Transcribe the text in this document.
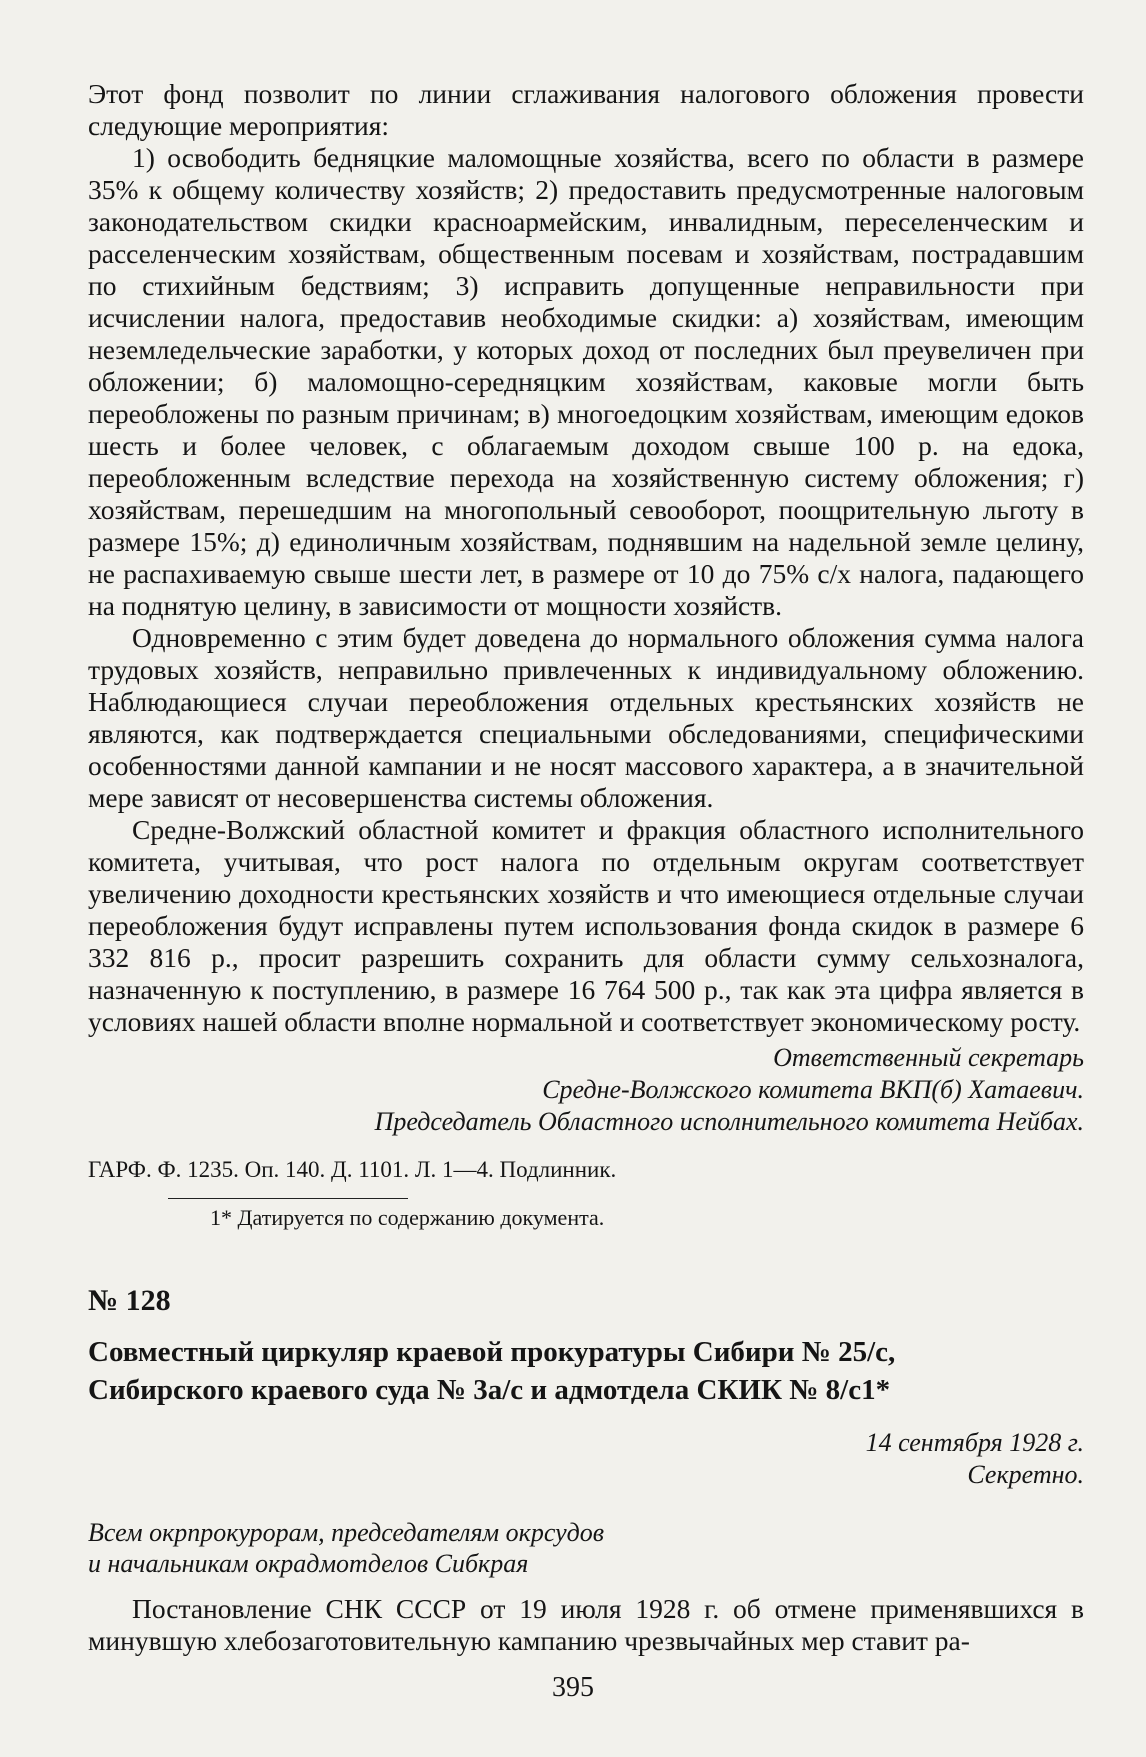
Этот фонд позволит по линии сглаживания налогового обложения провести следующие мероприятия:

1) освободить бедняцкие маломощные хозяйства, всего по области в размере 35% к общему количеству хозяйств; 2) предоставить предусмотренные налоговым законодательством скидки красноармейским, инвалидным, переселенческим и расселенческим хозяйствам, общественным посевам и хозяйствам, пострадавшим по стихийным бедствиям; 3) исправить допущенные неправильности при исчислении налога, предоставив необходимые скидки: а) хозяйствам, имеющим неземледельческие заработки, у которых доход от последних был преувеличен при обложении; б) маломощно-середняцким хозяйствам, каковые могли быть переобложены по разным причинам; в) многоедоцким хозяйствам, имеющим едоков шесть и более человек, с облагаемым доходом свыше 100 р. на едока, переобложенным вследствие перехода на хозяйственную систему обложения; г) хозяйствам, перешедшим на многопольный севооборот, поощрительную льготу в размере 15%; д) единоличным хозяйствам, поднявшим на надельной земле целину, не распахиваемую свыше шести лет, в размере от 10 до 75% с/х налога, падающего на поднятую целину, в зависимости от мощности хозяйств.

Одновременно с этим будет доведена до нормального обложения сумма налога трудовых хозяйств, неправильно привлеченных к индивидуальному обложению. Наблюдающиеся случаи переобложения отдельных крестьянских хозяйств не являются, как подтверждается специальными обследованиями, специфическими особенностями данной кампании и не носят массового характера, а в значительной мере зависят от несовершенства системы обложения.

Средне-Волжский областной комитет и фракция областного исполнительного комитета, учитывая, что рост налога по отдельным округам соответствует увеличению доходности крестьянских хозяйств и что имеющиеся отдельные случаи переобложения будут исправлены путем использования фонда скидок в размере 6 332 816 р., просит разрешить сохранить для области сумму сельхозналога, назначенную к поступлению, в размере 16 764 500 р., так как эта цифра является в условиях нашей области вполне нормальной и соответствует экономическому росту.

Ответственный секретарь
Средне-Волжского комитета ВКП(б) Хатаевич.
Председатель Областного исполнительного комитета Нейбах.
ГАРФ. Ф. 1235. Оп. 140. Д. 1101. Л. 1—4. Подлинник.
1* Датируется по содержанию документа.
№ 128
Совместный циркуляр краевой прокуратуры Сибири № 25/с,
Сибирского краевого суда № 3а/с и адмотдела СКИК № 8/с1*
14 сентября 1928 г.
Секретно.
Всем окрпрокурорам, председателям окрсудов
и начальникам окрадмотделов Сибкрая

Постановление СНК СССР от 19 июля 1928 г. об отмене применявшихся в минувшую хлебозаготовительную кампанию чрезвычайных мер ставит ра-

395
